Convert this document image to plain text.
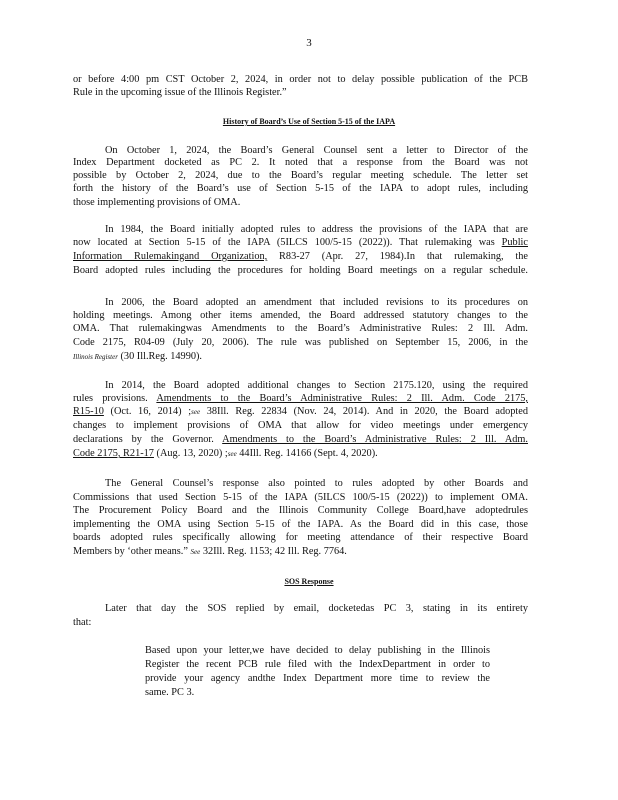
3
or before 4:00 pm CST October 2, 2024, in order not to delay possible publication of the PCB
Rule in the upcoming issue of the Illinois Register.”
History of Board’s Use of Section 5-15 of the IAPA
On October 1, 2024, the Board’s General Counsel sent a letter to Director of the
Index Department docketed as PC 2. It noted that a response from the Board was not
possible by October 2, 2024, due to the Board’s regular meeting schedule. The letter set
forth the history of the Board’s use of Section 5-15 of the IAPA to adopt rules, including
those implementing provisions of OMA.
In 1984, the Board initially adopted rules to address the provisions of the IAPA that are
now located at Section 5-15 of the IAPA (5ILCS 100/5-15 (2022)). That rulemaking was Public
Information Rulemakingand Organization, R83-27 (Apr. 27, 1984).In that rulemaking, the
Board adopted rules including the procedures for holding Board meetings on a regular schedule.
In 2006, the Board adopted an amendment that included revisions to its procedures on
holding meetings. Among other items amended, the Board addressed statutory changes to the
OMA. That rulemakingwas Amendments to the Board’s Administrative Rules: 2 Ill. Adm.
Code 2175, R04-09 (July 20, 2006). The rule was published on September 15, 2006, in the
Illinois Register (30 Ill.Reg. 14990).
In 2014, the Board adopted additional changes to Section 2175.120, using the required
rules provisions. Amendments to the Board’s Administrative Rules: 2 Ill. Adm. Code 2175,
R15-10 (Oct. 16, 2014) ;see 38Ill. Reg. 22834 (Nov. 24, 2014). And in 2020, the Board adopted
changes to implement provisions of OMA that allow for video meetings under emergency
declarations by the Governor. Amendments to the Board’s Administrative Rules: 2 Ill. Adm.
Code 2175, R21-17 (Aug. 13, 2020) ;see 44Ill. Reg. 14166 (Sept. 4, 2020).
The General Counsel’s response also pointed to rules adopted by other Boards and
Commissions that used Section 5-15 of the IAPA (5ILCS 100/5-15 (2022)) to implement OMA.
The Procurement Policy Board and the Illinois Community College Board,have adoptedrules
implementing the OMA using Section 5-15 of the IAPA. As the Board did in this case, those
boards adopted rules specifically allowing for meeting attendance of their respective Board
Members by ‘other means.” See 32Ill. Reg. 1153; 42 Ill. Reg. 7764.
SOS Response
Later that day the SOS replied by email, docketedas PC 3, stating in its entirety
that:
Based upon your letter,we have decided to delay publishing in the Illinois
Register the recent PCB rule filed with the IndexDepartment in order to
provide your agency andthe Index Department more time to review the
same. PC 3.
